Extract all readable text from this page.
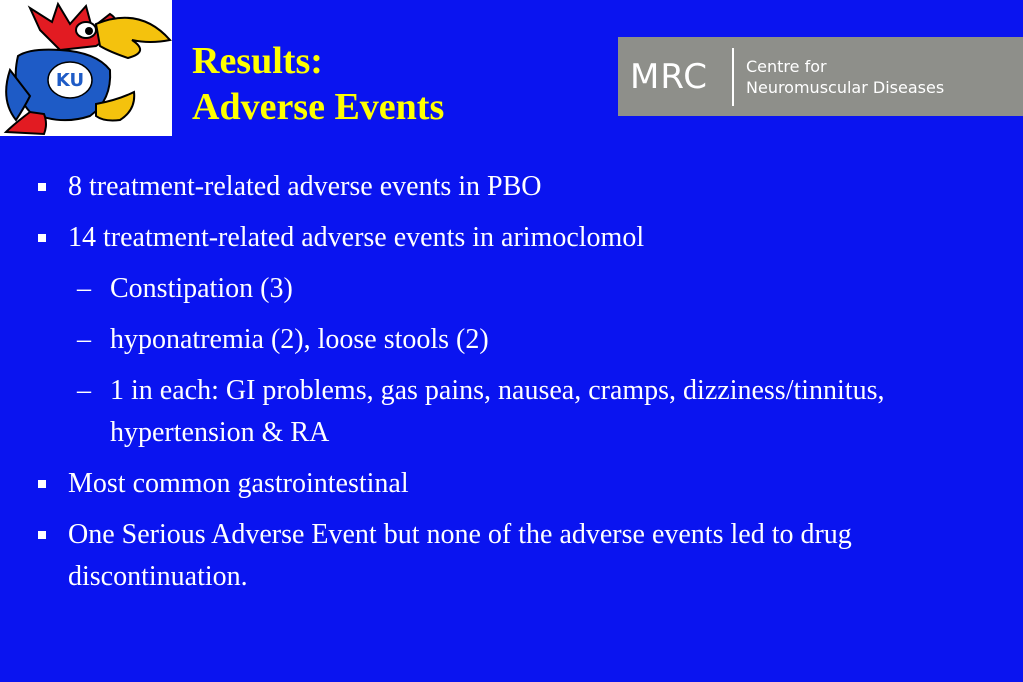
KU	Results:
Adverse Events
MRC	Centre for
Neuromuscular Diseases
8 treatment-related adverse events in PBO
14 treatment-related adverse events in arimoclomol
– Constipation (3)
– hyponatremia (2), loose stools (2)
– 1 in each: GI problems, gas pains, nausea, cramps, dizziness/tinnitus, hypertension & RA
Most common gastrointestinal
One Serious Adverse Event but none of the adverse events led to drug discontinuation.
